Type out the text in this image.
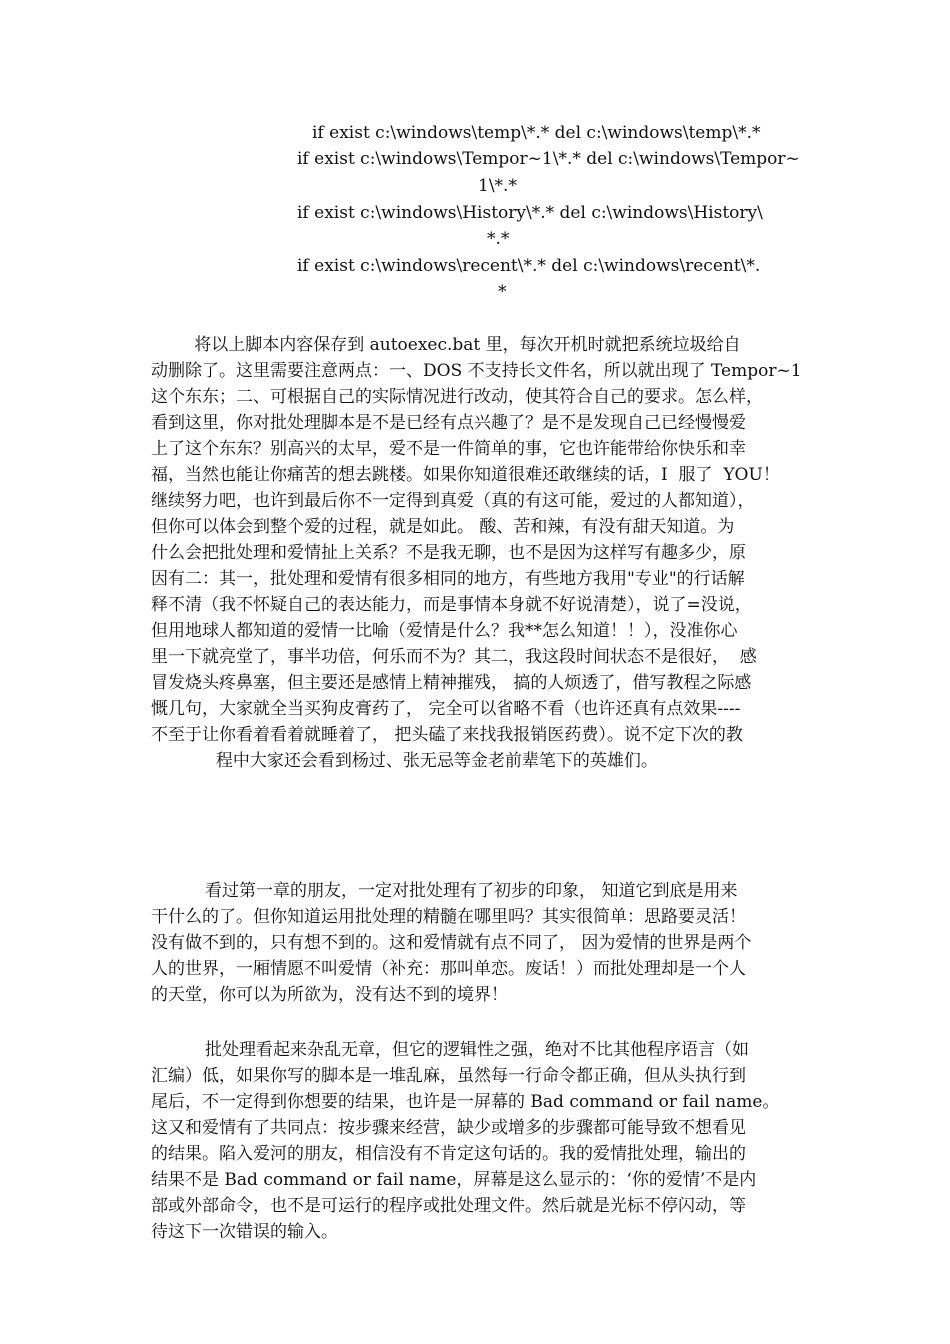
if exist c:\windows\temp\*.* del c:\windows\temp\*.*
if exist c:\windows\Tempor~1\*.* del c:\windows\Tempor~
1\*.*
if exist c:\windows\History\*.* del c:\windows\History\
*.*
if exist c:\windows\recent\*.* del c:\windows\recent\*.
*
将以上脚本内容保存到 autoexec.bat 里，每次开机时就把系统垃圾给自
动删除了。这里需要注意两点：一、DOS 不支持长文件名，所以就出现了 Tempor~1
这个东东；二、可根据自己的实际情况进行改动，使其符合自己的要求。怎么样，
看到这里，你对批处理脚本是不是已经有点兴趣了？是不是发现自己已经慢慢爱
上了这个东东？别高兴的太早，爱不是一件简单的事，它也许能带给你快乐和幸
福，当然也能让你痛苦的想去跳楼。如果你知道很难还敢继续的话，I  服了  YOU！
继续努力吧，也许到最后你不一定得到真爱（真的有这可能，爱过的人都知道），
但你可以体会到整个爱的过程，就是如此。 酸、苦和辣，有没有甜天知道。为
什么会把批处理和爱情扯上关系？不是我无聊，也不是因为这样写有趣多少，原
因有二：其一，批处理和爱情有很多相同的地方，有些地方我用"专业"的行话解
释不清（我不怀疑自己的表达能力，而是事情本身就不好说清楚），说了=没说，
但用地球人都知道的爱情一比喻（爱情是什么？我**怎么知道！！），没准你心
里一下就亮堂了，事半功倍，何乐而不为？其二，我这段时间状态不是很好，  感
冒发烧头疼鼻塞，但主要还是感情上精神摧残， 搞的人烦透了，借写教程之际感
慨几句，大家就全当买狗皮膏药了， 完全可以省略不看（也许还真有点效果----
不至于让你看着看着就睡着了， 把头磕了来找我报销医药费）。说不定下次的教
程中大家还会看到杨过、张无忌等金老前辈笔下的英雄们。
看过第一章的朋友，一定对批处理有了初步的印象， 知道它到底是用来
干什么的了。但你知道运用批处理的精髓在哪里吗？其实很简单：思路要灵活！
没有做不到的，只有想不到的。这和爱情就有点不同了， 因为爱情的世界是两个
人的世界，一厢情愿不叫爱情（补充：那叫单恋。废话！）而批处理却是一个人
的天堂，你可以为所欲为，没有达不到的境界！
批处理看起来杂乱无章，但它的逻辑性之强，绝对不比其他程序语言（如
汇编）低，如果你写的脚本是一堆乱麻，虽然每一行命令都正确，但从头执行到
尾后，不一定得到你想要的结果，也许是一屏幕的 Bad command or fail name。
这又和爱情有了共同点：按步骤来经营，缺少或增多的步骤都可能导致不想看见
的结果。陷入爱河的朋友，相信没有不肯定这句话的。我的爱情批处理，输出的
结果不是 Bad command or fail name，屏幕是这么显示的：‘你的爱情’不是内
部或外部命令，也不是可运行的程序或批处理文件。然后就是光标不停闪动，等
待这下一次错误的输入。
